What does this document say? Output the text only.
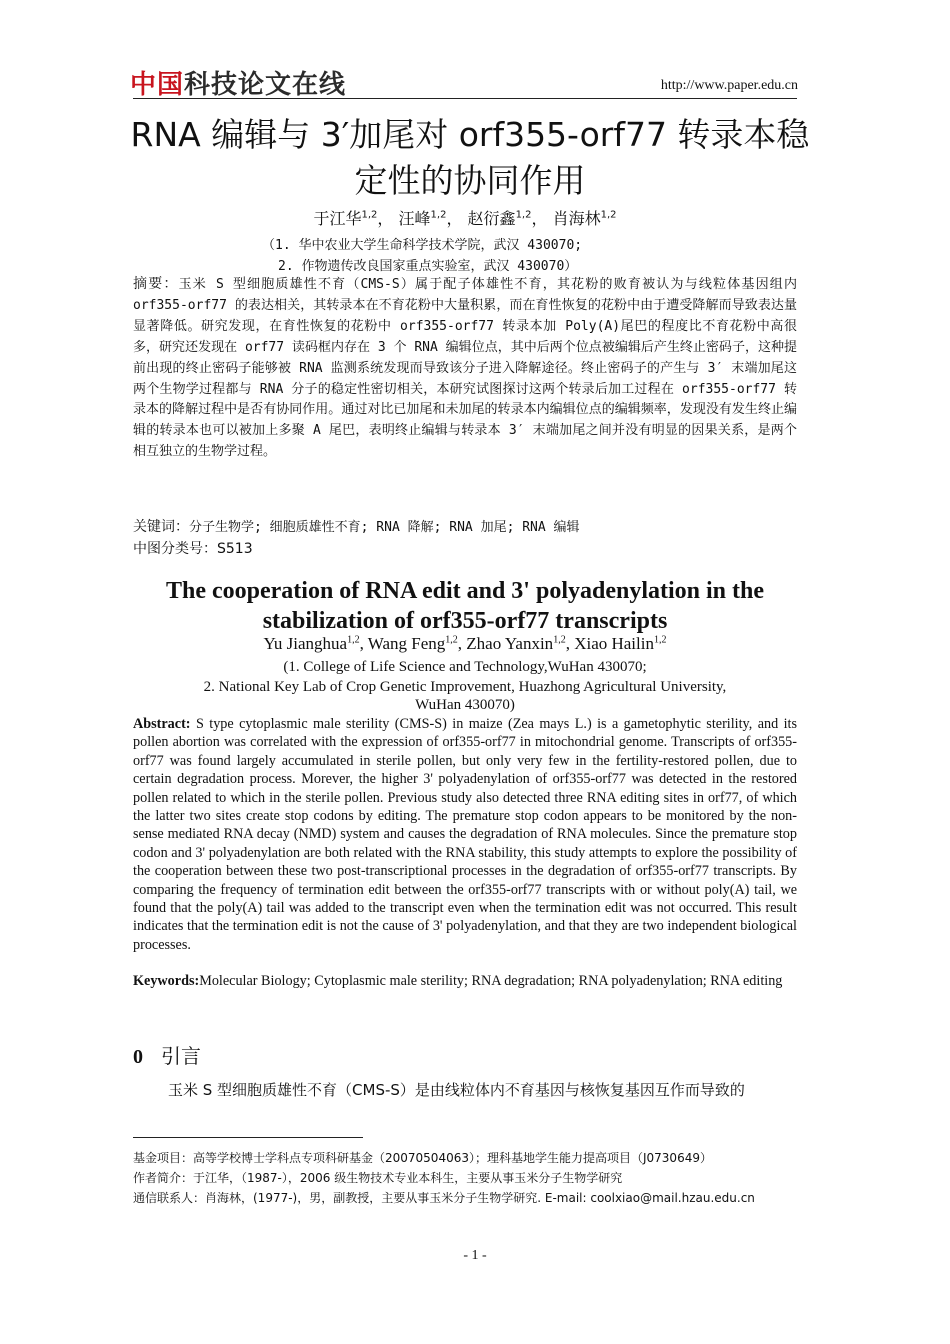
中国科技论文在线	http://www.paper.edu.cn
RNA 编辑与 3′加尾对 orf355-orf77 转录本稳
定性的协同作用
于江华$^{1,2}$， 汪峰$^{1,2}$， 赵衍鑫$^{1,2}$， 肖海林$^{1,2}$
（1. 华中农业大学生命科学技术学院，武汉 430070;
2. 作物遗传改良国家重点实验室，武汉 430070）
摘要：玉米 S 型细胞质雄性不育（CMS-S）属于配子体雄性不育，其花粉的败育被认为与线粒体基因组内 orf355-orf77 的表达相关，其转录本在不育花粉中大量积累，而在育性恢复的花粉中由于遭受降解而导致表达量显著降低。研究发现，在育性恢复的花粉中 orf355-orf77 转录本加 Poly(A)尾巴的程度比不育花粉中高很多，研究还发现在 orf77 读码框内存在 3 个 RNA 编辑位点，其中后两个位点被编辑后产生终止密码子，这种提前出现的终止密码子能够被 RNA 监测系统发现而导致该分子进入降解途径。终止密码子的产生与 3′ 末端加尾这两个生物学过程都与 RNA 分子的稳定性密切相关，本研究试图探讨这两个转录后加工过程在 orf355-orf77 转录本的降解过程中是否有协同作用。通过对比已加尾和未加尾的转录本内编辑位点的编辑频率，发现没有发生终止编辑的转录本也可以被加上多聚 A 尾巴，表明终止编辑与转录本 3′ 末端加尾之间并没有明显的因果关系，是两个相互独立的生物学过程。
关键词：分子生物学; 细胞质雄性不育; RNA 降解; RNA 加尾; RNA 编辑
中图分类号：S513
The cooperation of RNA edit and 3' polyadenylation in the
stabilization of orf355-orf77 transcripts
Yu Jianghua$^{1,2}$, Wang Feng$^{1,2}$, Zhao Yanxin$^{1,2}$, Xiao Hailin$^{1,2}$
(1. College of Life Science and Technology,WuHan 430070;
2. National Key Lab of Crop Genetic Improvement, Huazhong Agricultural University,
WuHan 430070)
Abstract: S type cytoplasmic male sterility (CMS-S) in maize (Zea mays L.) is a gametophytic sterility, and its pollen abortion was correlated with the expression of orf355-orf77 in mitochondrial genome. Transcripts of orf355-orf77 was found largely accumulated in sterile pollen, but only very few in the fertility-restored pollen, due to certain degradation process. Morever, the higher 3' polyadenylation of orf355-orf77 was detected in the restored pollen related to which in the sterile pollen. Previous study also detected three RNA editing sites in orf77, of which the latter two sites create stop codons by editing. The premature stop codon appears to be monitored by the non-sense mediated RNA decay (NMD) system and causes the degradation of RNA molecules. Since the premature stop codon and 3' polyadenylation are both related with the RNA stability, this study attempts to explore the possibility of the cooperation between these two post-transcriptional processes in the degradation of orf355-orf77 transcripts. By comparing the frequency of termination edit between the orf355-orf77 transcripts with or without poly(A) tail, we found that the poly(A) tail was added to the transcript even when the termination edit was not occurred. This result indicates that the termination edit is not the cause of 3' polyadenylation, and that they are two independent biological processes.
Keywords:Molecular Biology; Cytoplasmic male sterility; RNA degradation; RNA polyadenylation; RNA editing
0 引言
玉米 S 型细胞质雄性不育（CMS-S）是由线粒体内不育基因与核恢复基因互作而导致的
基金项目：高等学校博士学科点专项科研基金（20070504063）；理科基地学生能力提高项目（J0730649）
作者简介：于江华，（1987-），2006 级生物技术专业本科生，主要从事玉米分子生物学研究
通信联系人：肖海林，(1977-)，男，副教授，主要从事玉米分子生物学研究. E-mail: coolxiao@mail.hzau.edu.cn
- 1 -
